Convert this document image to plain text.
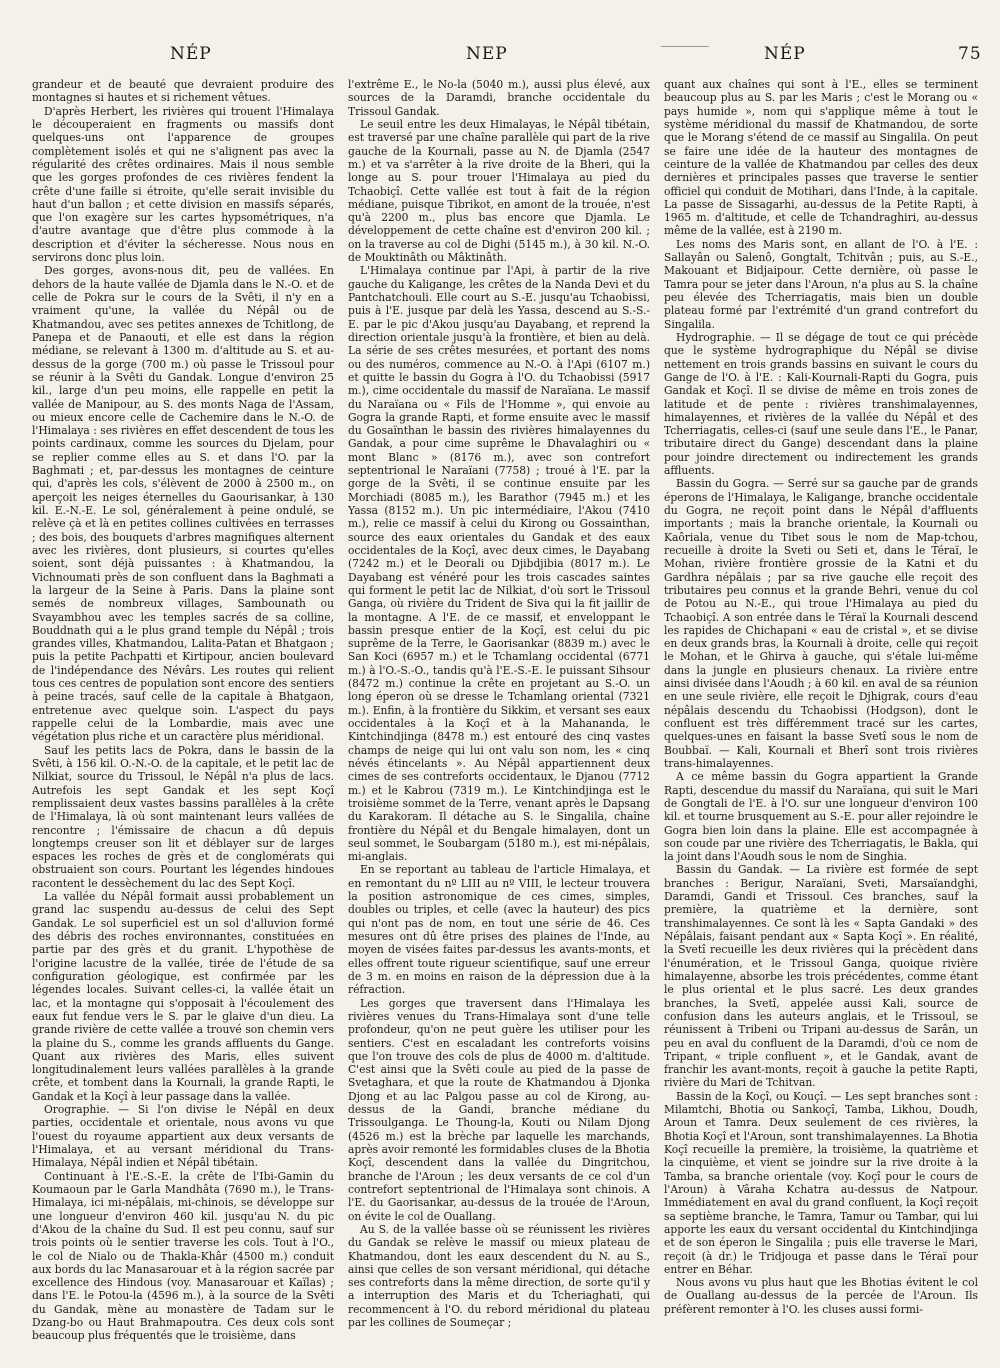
NÉP	NEP	NÉP	75

grandeur et de beauté que devraient produire des montagnes si hautes et si richement vêtues.

D'après Herbert, les rivières qui trouent l'Himalaya le découperaient en fragments ou massifs dont quelques-uns ont l'apparence de groupes complètement isolés et qui ne s'alignent pas avec la régularité des crêtes ordinaires. Mais il nous semble que les gorges profondes de ces rivières fendent la crête d'une faille si étroite, qu'elle serait invisible du haut d'un ballon ; et cette division en massifs séparés, que l'on exagère sur les cartes hypsométriques, n'a d'autre avantage que d'être plus commode à la description et d'éviter la sécheresse. Nous nous en servirons donc plus loin.

Des gorges, avons-nous dit, peu de vallées. En dehors de la haute vallée de Djamla dans le N.-O. et de celle de Pokra sur le cours de la Svêti, il n'y en a vraiment qu'une, la vallée du Népâl ou de Khatmandou, avec ses petites annexes de Tchitlong, de Panepa et de Panaouti, et elle est dans la région médiane, se relevant à 1300 m. d'altitude au S. et au-dessus de la gorge (700 m.) où passe le Trissoul pour se réunir à la Svêti du Gandak. Longue d'environ 25 kil., large d'un peu moins, elle rappelle en petit la vallée de Manipour, au S. des monts Naga de l'Assam, ou mieux encore celle de Cachemire dans le N.-O. de l'Himalaya : ses rivières en effet descendent de tous les points cardinaux, comme les sources du Djelam, pour se replier comme elles au S. et dans l'O. par la Baghmati ; et, par-dessus les montagnes de ceinture qui, d'après les cols, s'élèvent de 2000 à 2500 m., on aperçoit les neiges éternelles du Gaourisankar, à 130 kil. E.-N.-E. Le sol, généralement à peine ondulé, se relève çà et là en petites collines cultivées en terrasses ; des bois, des bouquets d'arbres magnifiques alternent avec les rivières, dont plusieurs, si courtes qu'elles soient, sont déjà puissantes : à Khatmandou, la Vichnoumati près de son confluent dans la Baghmati a la largeur de la Seine à Paris. Dans la plaine sont semés de nombreux villages, Sambounath ou Svayambhou avec les temples sacrés de sa colline, Bouddnath qui a le plus grand temple du Népâl ; trois grandes villes, Khatmandou, Lalita-Patan et Bhatgaon ; puis la petite Pachpatti et Kirtipour, ancien boulevard de l'indépendance des Névârs. Les routes qui relient tous ces centres de population sont encore des sentiers à peine tracés, sauf celle de la capitale à Bhatgaon, entretenue avec quelque soin. L'aspect du pays rappelle celui de la Lombardie, mais avec une végétation plus riche et un caractère plus méridional.

Sauf les petits lacs de Pokra, dans le bassin de la Svêti, à 156 kil. O.-N.-O. de la capitale, et le petit lac de Nilkiat, source du Trissoul, le Népâl n'a plus de lacs. Autrefois les sept Gandak et les sept Koçî remplissaient deux vastes bassins parallèles à la crête de l'Himalaya, là où sont maintenant leurs vallées de rencontre ; l'émissaire de chacun a dû depuis longtemps creuser son lit et déblayer sur de larges espaces les roches de grès et de conglomérats qui obstruaient son cours. Pourtant les légendes hindoues racontent le dessèchement du lac des Sept Koçî.

La vallée du Népâl formait aussi probablement un grand lac suspendu au-dessus de celui des Sept Gandak. Le sol superficiel est un sol d'alluvion formé des débris des roches environnantes, constituées en partie par des grès et du granit. L'hypothèse de l'origine lacustre de la vallée, tirée de l'étude de sa configuration géologique, est confirmée par les légendes locales. Suivant celles-ci, la vallée était un lac, et la montagne qui s'opposait à l'écoulement des eaux fut fendue vers le S. par le glaive d'un dieu. La grande rivière de cette vallée a trouvé son chemin vers la plaine du S., comme les grands affluents du Gange. Quant aux rivières des Maris, elles suivent longitudinalement leurs vallées parallèles à la grande crête, et tombent dans la Kournali, la grande Rapti, le Gandak et la Koçî à leur passage dans la vallée.

Orographie. — Si l'on divise le Népâl en deux parties, occidentale et orientale, nous avons vu que l'ouest du royaume appartient aux deux versants de l'Himalaya, et au versant méridional du Trans-Himalaya, Népâl indien et Népâl tibétain.

Continuant à l'E.-S.-E. la crête de l'Ibi-Gamin du Koumaoun par le Garla Mandhâta (7690 m.), le Trans-Himalaya, ici mi-népâlais, mi-chinois, se développe sur une longueur d'environ 460 kil. jusqu'au N. du pic d'Akou de la chaîne du Sud. Il est peu connu, sauf sur trois points où le sentier traverse les cols. Tout à l'O., le col de Nialo ou de Thakla-Khâr (4500 m.) conduit aux bords du lac Manasarouar et à la région sacrée par excellence des Hindous (voy. Manasarouar et Kaïlas) ; dans l'E. le Potou-la (4596 m.), à la source de la Svêti du Gandak, mène au monastère de Tadam sur le Dzang-bo ou Haut Brahmapoutra. Ces deux cols sont beaucoup plus fréquentés que le troisième, dans

l'extrême E., le No-la (5040 m.), aussi plus élevé, aux sources de la Daramdi, branche occidentale du Trissoul Gandak.

Le seuil entre les deux Himalayas, le Népâl tibétain, est traversé par une chaîne parallèle qui part de la rive gauche de la Kournali, passe au N. de Djamla (2547 m.) et va s'arrêter à la rive droite de la Bheri, qui la longe au S. pour trouer l'Himalaya au pied du Tchaobiçî. Cette vallée est tout à fait de la région médiane, puisque Tibrikot, en amont de la trouée, n'est qu'à 2200 m., plus bas encore que Djamla. Le développement de cette chaîne est d'environ 200 kil. ; on la traverse au col de Dighi (5145 m.), à 30 kil. N.-O. de Mouktinâth ou Mâktinâth.

L'Himalaya continue par l'Api, à partir de la rive gauche du Kaligange, les crêtes de la Nanda Devi et du Pantchatchouli. Elle court au S.-E. jusqu'au Tchaobissi, puis à l'E. jusque par delà les Yassa, descend au S.-S.-E. par le pic d'Akou jusqu'au Dayabang, et reprend la direction orientale jusqu'à la frontière, et bien au delà. La série de ses crêtes mesurées, et portant des noms ou des numéros, commence au N.-O. à l'Api (6107 m.) et quitte le bassin du Gogra à l'O. du Tchaobissi (5917 m.), cime occidentale du massif de Naraïana. Le massif du Naraïana ou « Fils de l'Homme », qui envoie au Gogra la grande Rapti, et forme ensuite avec le massif du Gosaïnthan le bassin des rivières himalayennes du Gandak, a pour cime suprême le Dhavalaghiri ou « mont Blanc » (8176 m.), avec son contrefort septentrional le Naraïani (7758) ; troué à l'E. par la gorge de la Svêti, il se continue ensuite par les Morchiadi (8085 m.), les Barathor (7945 m.) et les Yassa (8152 m.). Un pic intermédiaire, l'Akou (7410 m.), relie ce massif à celui du Kirong ou Gossainthan, source des eaux orientales du Gandak et des eaux occidentales de la Koçî, avec deux cimes, le Dayabang (7242 m.) et le Deorali ou Djibdjibia (8017 m.). Le Dayabang est vénéré pour les trois cascades saintes qui forment le petit lac de Nilkiat, d'où sort le Trissoul Ganga, où rivière du Trident de Siva qui la fit jaillir de la montagne. A l'E. de ce massif, et enveloppant le bassin presque entier de la Koçî, est celui du pic suprême de la Terre, le Gaorisankar (8839 m.) avec le San Koci (6957 m.) et le Tchamlang occidental (6771 m.) à l'O.-S.-O., tandis qu'à l'E.-S.-E. le puissant Sihsour (8472 m.) continue la crête en projetant au S.-O. un long éperon où se dresse le Tchamlang oriental (7321 m.). Enfin, à la frontière du Sikkim, et versant ses eaux occidentales à la Koçî et à la Mahananda, le Kintchindjinga (8478 m.) est entouré des cinq vastes champs de neige qui lui ont valu son nom, les « cinq névés étincelants ». Au Népâl appartiennent deux cimes de ses contreforts occidentaux, le Djanou (7712 m.) et le Kabrou (7319 m.). Le Kintchindjinga est le troisième sommet de la Terre, venant après le Dapsang du Karakoram. Il détache au S. le Singalila, chaîne frontière du Népâl et du Bengale himalayen, dont un seul sommet, le Soubargam (5180 m.), est mi-népâlais, mi-anglais.

En se reportant au tableau de l'article Himalaya, et en remontant du nº LIII au nº VIII, le lecteur trouvera la position astronomique de ces cimes, simples, doubles ou triples, et celle (avec la hauteur) des pics qui n'ont pas de nom, en tout une série de 46. Ces mesures ont dû être prises des plaines de l'Inde, au moyen de visées faites par-dessus les avants-monts, et elles offrent toute rigueur scientifique, sauf une erreur de 3 m. en moins en raison de la dépression due à la réfraction.

Les gorges que traversent dans l'Himalaya les rivières venues du Trans-Himalaya sont d'une telle profondeur, qu'on ne peut guère les utiliser pour les sentiers. C'est en escaladant les contreforts voisins que l'on trouve des cols de plus de 4000 m. d'altitude. C'est ainsi que la Svêti coule au pied de la passe de Svetaghara, et que la route de Khatmandou à Djonka Djong et au lac Palgou passe au col de Kirong, au-dessus de la Gandi, branche médiane du Trissoulganga. Le Thoung-la, Kouti ou Nilam Djong (4526 m.) est la brèche par laquelle les marchands, après avoir remonté les formidables cluses de la Bhotia Koçî, descendent dans la vallée du Dingritchou, branche de l'Aroun ; les deux versants de ce col d'un contrefort septentrional de l'Himalaya sont chinois. A l'E. du Gaorisankar, au-dessus de la trouée de l'Aroun, on évite le col de Ouallang.

Au S. de la vallée basse où se réunissent les rivières du Gandak se relève le massif ou mieux plateau de Khatmandou, dont les eaux descendent du N. au S., ainsi que celles de son versant méridional, qui détache ses contreforts dans la même direction, de sorte qu'il y a interruption des Maris et du Tcheriaghati, qui recommencent à l'O. du rebord méridional du plateau par les collines de Soumeçar ;

quant aux chaînes qui sont à l'E., elles se terminent beaucoup plus au S. par les Maris ; c'est le Morang ou « pays humide », nom qui s'applique même à tout le système méridional du massif de Khatmandou, de sorte que le Morang s'étend de ce massif au Singalila. On peut se faire une idée de la hauteur des montagnes de ceinture de la vallée de Khatmandou par celles des deux dernières et principales passes que traverse le sentier officiel qui conduit de Motihari, dans l'Inde, à la capitale. La passe de Sissagarhi, au-dessus de la Petite Rapti, à 1965 m. d'altitude, et celle de Tchandraghiri, au-dessus même de la vallée, est à 2190 m.

Les noms des Maris sont, en allant de l'O. à l'E. : Sallayân ou Salenô, Gongtalt, Tchitvân ; puis, au S.-E., Makouant et Bidjaipour. Cette dernière, où passe le Tamra pour se jeter dans l'Aroun, n'a plus au S. la chaîne peu élevée des Tcherriagatis, mais bien un double plateau formé par l'extrémité d'un grand contrefort du Singalila.

Hydrographie. — Il se dégage de tout ce qui précède que le système hydrographique du Népâl se divise nettement en trois grands bassins en suivant le cours du Gange de l'O. à l'E. : Kali-Kournali-Rapti du Gogra, puis Gandak et Koçî. Il se divise de même en trois zones de latitude et de pente : rivières transhimalayennes, himalayennes, et rivières de la vallée du Népâl et des Tcherriagatis, celles-ci (sauf une seule dans l'E., le Panar, tributaire direct du Gange) descendant dans la plaine pour joindre directement ou indirectement les grands affluents.

Bassin du Gogra. — Serré sur sa gauche par de grands éperons de l'Himalaya, le Kaligange, branche occidentale du Gogra, ne reçoit point dans le Népâl d'affluents importants ; mais la branche orientale, la Kournali ou Kaôriala, venue du Tibet sous le nom de Map-tchou, recueille à droite la Sveti ou Seti et, dans le Téraï, le Mohan, rivière frontière grossie de la Katni et du Gardhra népâlais ; par sa rive gauche elle reçoit des tributaires peu connus et la grande Behri, venue du col de Potou au N.-E., qui troue l'Himalaya au pied du Tchaobiçî. A son entrée dans le Téraï la Kournali descend les rapides de Chichapani « eau de cristal », et se divise en deux grands bras, la Kournali à droite, celle qui reçoit le Mohan, et le Ghirva à gauche, qui s'étale lui-même dans la jungle en plusieurs chenaux. La rivière entre ainsi divisée dans l'Aoudh ; à 60 kil. en aval de sa réunion en une seule rivière, elle reçoit le Djhigrak, cours d'eau népâlais descendu du Tchaobissi (Hodgson), dont le confluent est très différemment tracé sur les cartes, quelques-unes en faisant la basse Svetî sous le nom de Boubbaï. — Kali, Kournali et Bherî sont trois rivières trans-himalayennes.

A ce même bassin du Gogra appartient la Grande Rapti, descendue du massif du Naraïana, qui suit le Mari de Gongtali de l'E. à l'O. sur une longueur d'environ 100 kil. et tourne brusquement au S.-E. pour aller rejoindre le Gogra bien loin dans la plaine. Elle est accompagnée à son coude par une rivière des Tcherriagatis, le Bakla, qui la joint dans l'Aoudh sous le nom de Singhia.

Bassin du Gandak. — La rivière est formée de sept branches : Berigur, Naraïani, Sveti, Marsaïandghi, Daramdi, Gandi et Trissoul. Ces branches, sauf la première, la quatrième et la dernière, sont transhimalayennes. Ce sont là les « Sapta Gandaki » des Népâlais, faisant pendant aux « Sapta Koçî ». En réalité, la Svetî recueille les deux rivières qui la précèdent dans l'énumération, et le Trissoul Ganga, quoique rivière himalayenne, absorbe les trois précédentes, comme étant le plus oriental et le plus sacré. Les deux grandes branches, la Svetî, appelée aussi Kali, source de confusion dans les auteurs anglais, et le Trissoul, se réunissent à Tribeni ou Tripani au-dessus de Sarân, un peu en aval du confluent de la Daramdi, d'où ce nom de Tripant, « triple confluent », et le Gandak, avant de franchir les avant-monts, reçoit à gauche la petite Rapti, rivière du Mari de Tchitvan.

Bassin de la Koçî, ou Kouçî. — Les sept branches sont : Milamtchi, Bhotia ou Sankoçî, Tamba, Likhou, Doudh, Aroun et Tamra. Deux seulement de ces rivières, la Bhotia Koçî et l'Aroun, sont transhimalayennes. La Bhotia Koçî recueille la première, la troisième, la quatrième et la cinquième, et vient se joindre sur la rive droite à la Tamba, sa branche orientale (voy. Koçî pour le cours de l'Aroun) à Vâraha Kchatra au-dessus de Natpour. Immédiatement en aval du grand confluent, la Koçî reçoit sa septième branche, le Tamra, Tamur ou Tambar, qui lui apporte les eaux du versant occidental du Kintchindjinga et de son éperon le Singalila ; puis elle traverse le Mari, reçoit (à dr.) le Tridjouga et passe dans le Téraï pour entrer en Béhar.

Nous avons vu plus haut que les Bhotias évitent le col de Ouallang au-dessus de la percée de l'Aroun. Ils préfèrent remonter à l'O. les cluses aussi formi-
